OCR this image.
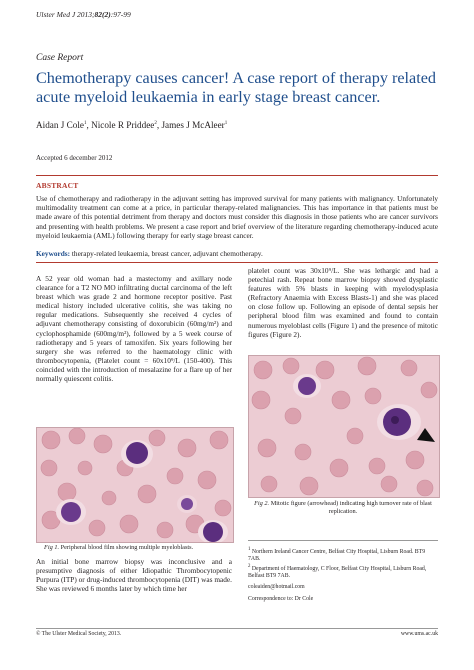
Ulster Med J 2013;82(2):97-99
Case Report
Chemotherapy causes cancer! A case report of therapy related acute myeloid leukaemia in early stage breast cancer.
Aidan J Cole$^1$, Nicole R Priddee$^2$, James J McAleer$^1$
Accepted 6 december 2012
ABSTRACT
Use of chemotherapy and radiotherapy in the adjuvant setting has improved survival for many patients with malignancy. Unfortunately multimodality treatment can come at a price, in particular therapy-related malignancies. This has importance in that patients must be made aware of this potential detriment from therapy and doctors must consider this diagnosis in those patients who are cancer survivors and presenting with health problems. We present a case report and brief overview of the literature regarding chemotherapy-induced acute myeloid leukaemia (AML) following therapy for early stage breast cancer.
Keywords: therapy-related leukaemia, breast cancer, adjuvant chemotherapy.
A 52 year old woman had a mastectomy and axillary node clearance for a T2 NO MO infiltrating ductal carcinoma of the left breast which was grade 2 and hormone receptor positive. Past medical history included ulcerative colitis, she was taking no regular medications. Subsequently she received 4 cycles of adjuvant chemotherapy consisting of doxorubicin (60mg/m²) and cyclophosphamide (600mg/m²), followed by a 5 week course of radiotherapy and 5 years of tamoxifen. Six years following her surgery she was referred to the haematology clinic with thrombocytopenia, (Platelet count = 60x10⁹/L (150-400). This coincided with the introduction of mesalazine for a flare up of her normally quiescent colitis.
platelet count was 30x10⁹/L. She was lethargic and had a petechial rash. Repeat bone marrow biopsy showed dysplastic features with 5% blasts in keeping with myelodysplasia (Refractory Anaemia with Excess Blasts-1) and she was placed on close follow up. Following an episode of dental sepsis her peripheral blood film was examined and found to contain numerous myeloblast cells (Figure 1) and the presence of mitotic figures (Figure 2).
Fig 1. Peripheral blood film showing multiple myeloblasts.
Fig 2. Mitotic figure (arrowhead) indicating high turnover rate of blast replication.
An initial bone marrow biopsy was inconclusive and a presumptive diagnosis of either Idiopathic Thrombocytopenic Purpura (ITP) or drug-induced thrombocytopenia (DIT) was made. She was reviewed 6 months later by which time her
$^1$ Northern Ireland Cancer Centre, Belfast City Hospital, Lisburn Road. BT9 7AB.
$^2$ Department of Haematology, C Floor, Belfast City Hospital, Lisburn Road, Belfast BT9 7AB.
coleaiden@hotmail.com
Correspondence to: Dr Cole
© The Ulster Medical Society, 2013.	www.ums.ac.uk
